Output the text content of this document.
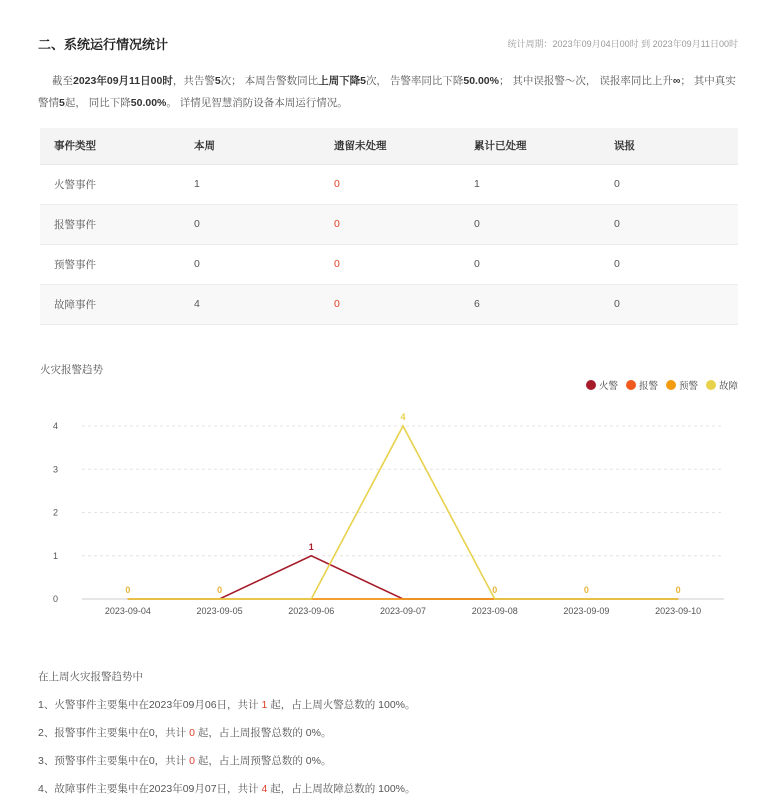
二、系统运行情况统计	统计周期：2023年09月04日00时 到 2023年09月11日00时
截至2023年09月11日00时，共告警5次； 本周告警数同比上周下降5次， 告警率同比下降50.00%； 其中误报警～次， 误报率同比上升∞； 其中真实警情5起， 同比下降50.00%。 详情见智慧消防设备本周运行情况。
事件类型	本周	遗留未处理	累计已处理	误报
火警事件	1	0	1	0
报警事件	0	0	0	0
预警事件	0	0	0	0
故障事件	4	0	6	0
火灾报警趋势
火警 报警 预警 故障
0
1
2
3
4
2023-09-04	2023-09-05	2023-09-06	2023-09-07	2023-09-08	2023-09-09	2023-09-10
0	0
1
4
0	0	0

在上周火灾报警趋势中

1、火警事件主要集中在2023年09月06日，共计 1 起，占上周火警总数的 100%。

2、报警事件主要集中在0，共计 0 起，占上周报警总数的 0%。

3、预警事件主要集中在0，共计 0 起，占上周预警总数的 0%。

4、故障事件主要集中在2023年09月07日，共计 4 起，占上周故障总数的 100%。
